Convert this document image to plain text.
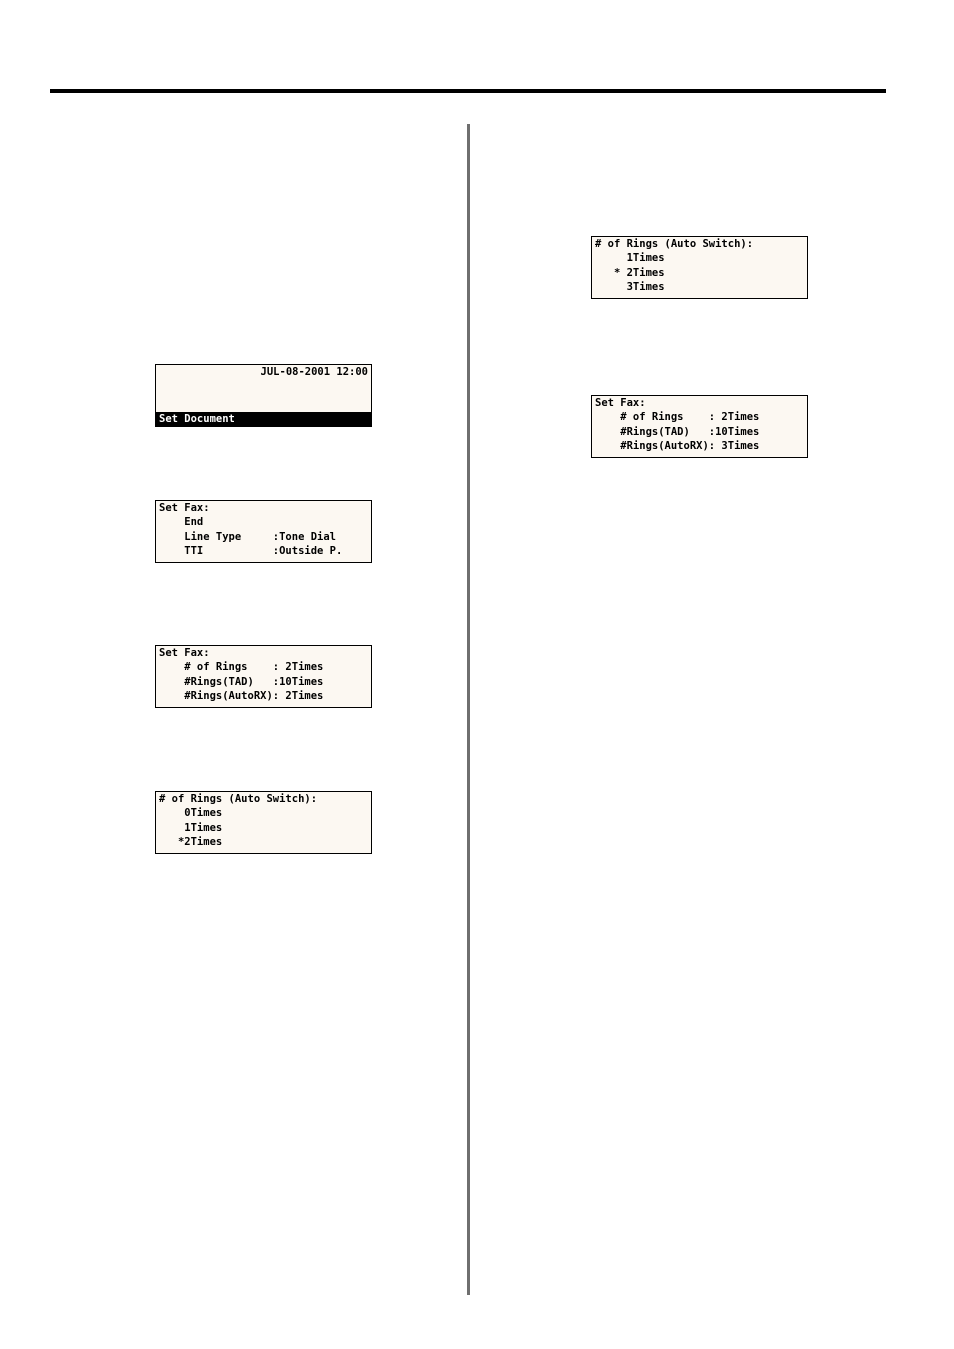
JUL-08-2001 12:00
Set Document
Set Fax:
End
Line Type     :Tone Dial
TTI           :Outside P.
Set Fax:
# of Rings    : 2Times
#Rings(TAD)   :10Times
#Rings(AutoRX): 2Times
# of Rings (Auto Switch):
0Times
1Times
*2Times
# of Rings (Auto Switch):
1Times
* 2Times
3Times
Set Fax:
# of Rings    : 2Times
#Rings(TAD)   :10Times
#Rings(AutoRX): 3Times
